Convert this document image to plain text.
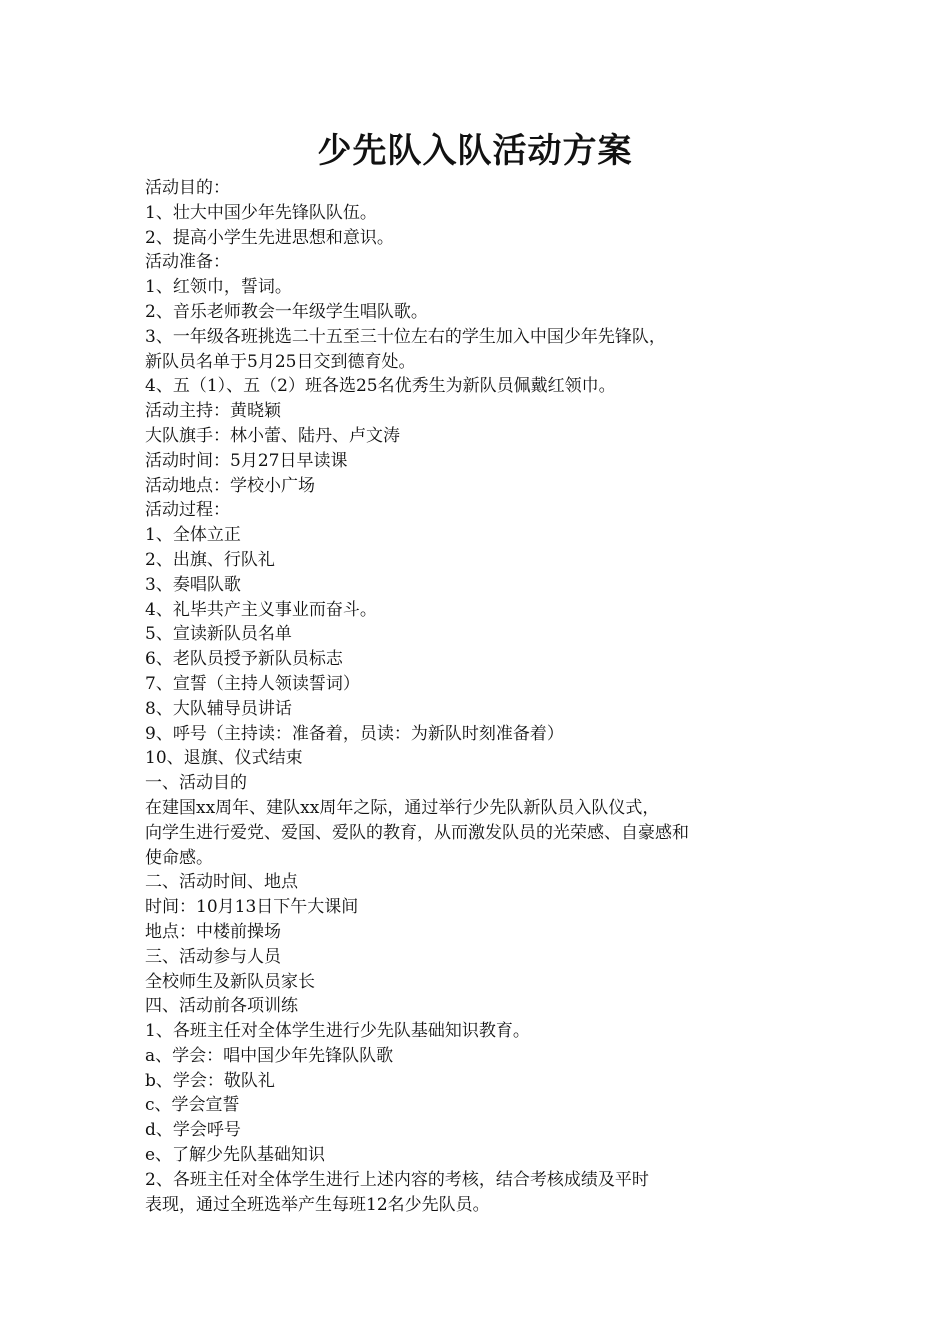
少先队入队活动方案
活动目的：
1、壮大中国少年先锋队队伍。
2、提高小学生先进思想和意识。
活动准备：
1、红领巾，誓词。
2、音乐老师教会一年级学生唱队歌。
3、一年级各班挑选二十五至三十位左右的学生加入中国少年先锋队，
新队员名单于5月25日交到德育处。
4、五（1）、五（2）班各选25名优秀生为新队员佩戴红领巾。
活动主持：黄晓颖
大队旗手：林小蕾、陆丹、卢文涛
活动时间：5月27日早读课
活动地点：学校小广场
活动过程：
1、全体立正
2、出旗、行队礼
3、奏唱队歌
4、礼毕共产主义事业而奋斗。
5、宣读新队员名单
6、老队员授予新队员标志
7、宣誓（主持人领读誓词）
8、大队辅导员讲话
9、呼号（主持读：准备着，员读：为新队时刻准备着）
10、退旗、仪式结束
一、活动目的
在建国xx周年、建队xx周年之际，通过举行少先队新队员入队仪式，
向学生进行爱党、爱国、爱队的教育，从而激发队员的光荣感、自豪感和
使命感。
二、活动时间、地点
时间：10月13日下午大课间
地点：中楼前操场
三、活动参与人员
全校师生及新队员家长
四、活动前各项训练
1、各班主任对全体学生进行少先队基础知识教育。
a、学会：唱中国少年先锋队队歌
b、学会：敬队礼
c、学会宣誓
d、学会呼号
e、了解少先队基础知识
2、各班主任对全体学生进行上述内容的考核，结合考核成绩及平时
表现，通过全班选举产生每班12名少先队员。
